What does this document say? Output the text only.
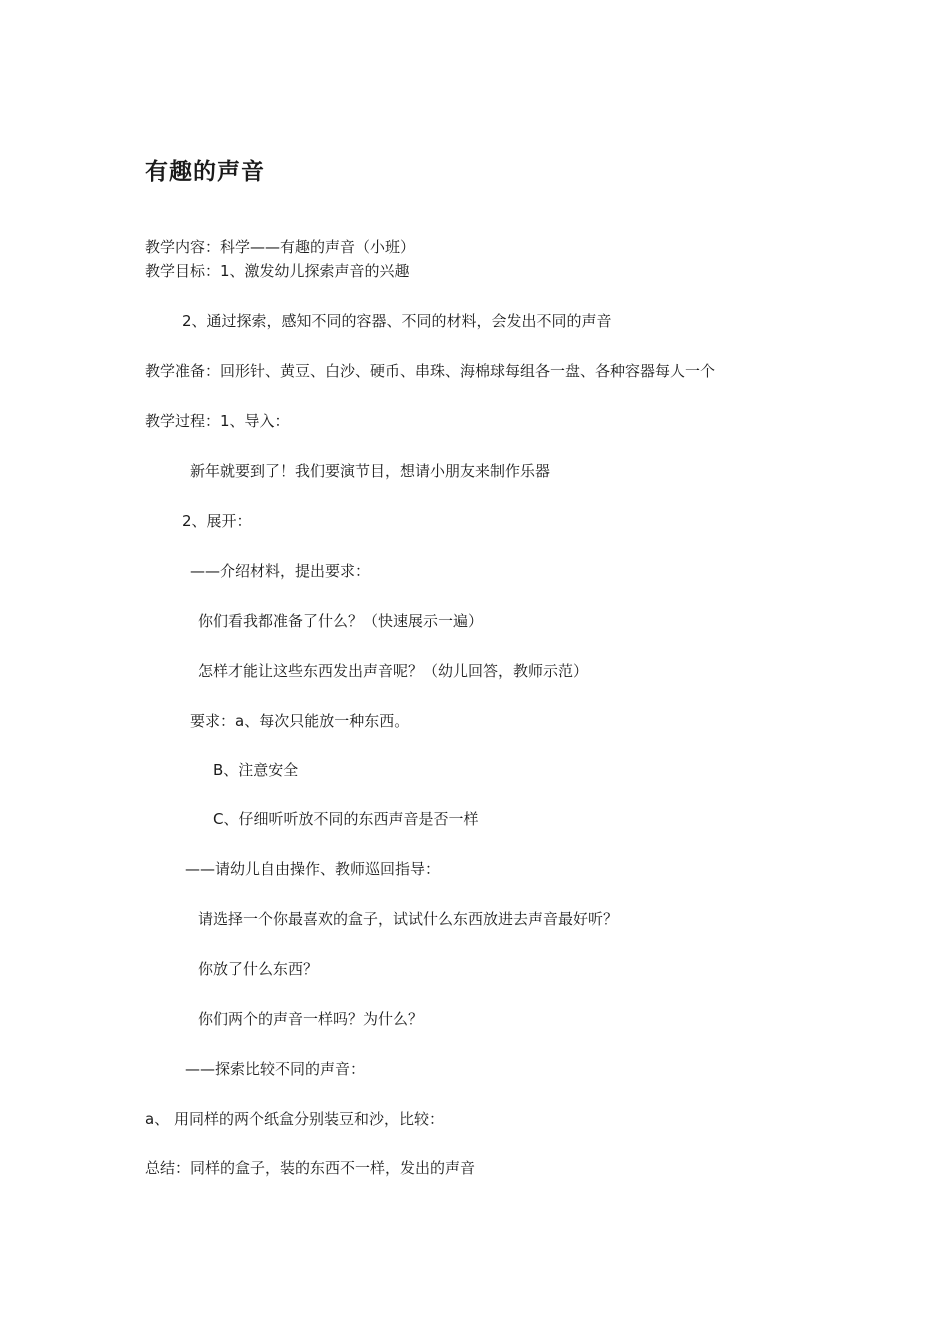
有趣的声音
教学内容：科学——有趣的声音（小班）
教学目标：1、激发幼儿探索声音的兴趣
2、通过探索，感知不同的容器、不同的材料，会发出不同的声音
教学准备：回形针、黄豆、白沙、硬币、串珠、海棉球每组各一盘、各种容器每人一个
教学过程：1、导入：
新年就要到了！我们要演节目，想请小朋友来制作乐器
2、展开：
——介绍材料，提出要求：
你们看我都准备了什么？（快速展示一遍）
怎样才能让这些东西发出声音呢？（幼儿回答，教师示范）
要求：a、每次只能放一种东西。
B、注意安全
C、仔细听听放不同的东西声音是否一样
——请幼儿自由操作、教师巡回指导：
请选择一个你最喜欢的盒子，试试什么东西放进去声音最好听？
你放了什么东西？
你们两个的声音一样吗？为什么？
——探索比较不同的声音：
a、 用同样的两个纸盒分别装豆和沙，比较：
总结：同样的盒子，装的东西不一样，发出的声音
